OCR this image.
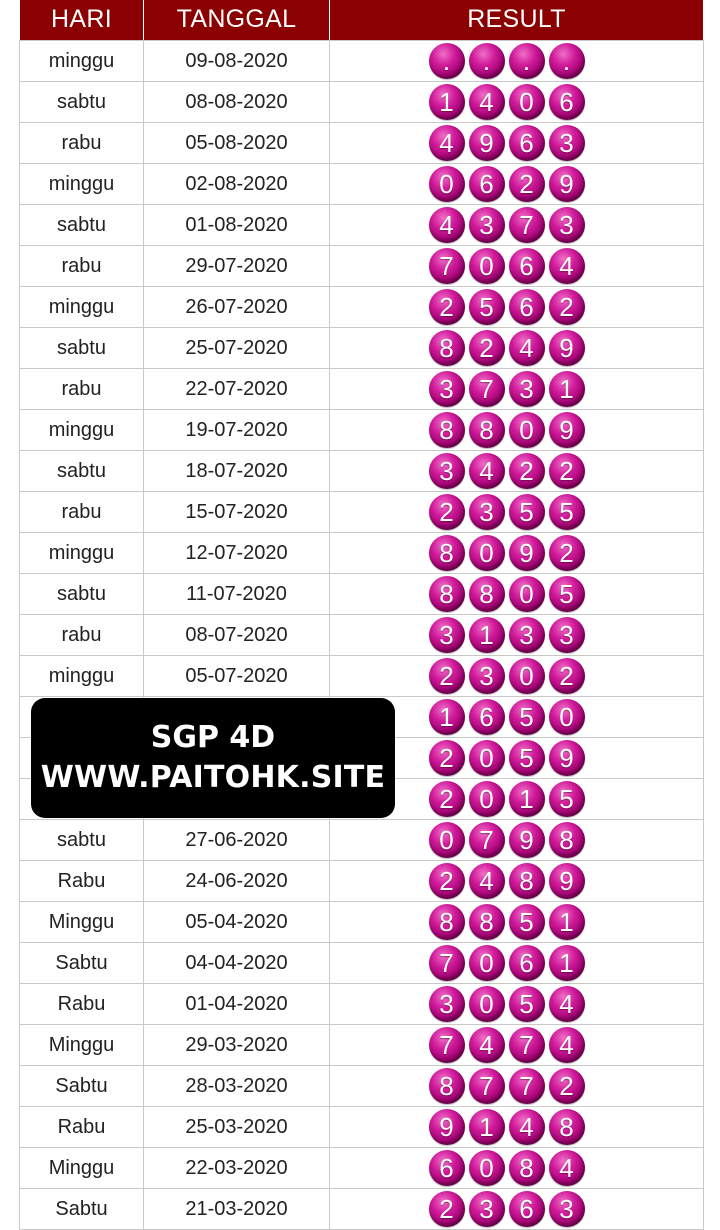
HARI	TANGGAL	RESULT
minggu	09-08-2020	. . . .

sabtu	08-08-2020	1 4 0 6

rabu	05-08-2020	4 9 6 3

minggu	02-08-2020	0 6 2 9

sabtu	01-08-2020	4 3 7 3

rabu	29-07-2020	7 0 6 4

minggu	26-07-2020	2 5 6 2

sabtu	25-07-2020	8 2 4 9

rabu	22-07-2020	3 7 3 1

minggu	19-07-2020	8 8 0 9

sabtu	18-07-2020	3 4 2 2

rabu	15-07-2020	2 3 5 5

minggu	12-07-2020	8 0 9 2

sabtu	11-07-2020	8 8 0 5

rabu	08-07-2020	3 1 3 3

minggu	05-07-2020	2 3 0 2

		1 6 5 0

		2 0 5 9

		2 0 1 5

sabtu	27-06-2020	0 7 9 8

Rabu	24-06-2020	2 4 8 9

Minggu	05-04-2020	8 8 5 1

Sabtu	04-04-2020	7 0 6 1

Rabu	01-04-2020	3 0 5 4

Minggu	29-03-2020	7 4 7 4

Sabtu	28-03-2020	8 7 7 2

Rabu	25-03-2020	9 1 4 8

Minggu	22-03-2020	6 0 8 4

Sabtu	21-03-2020	2 3 6 3
SGP 4D
WWW.PAITOHK.SITE
